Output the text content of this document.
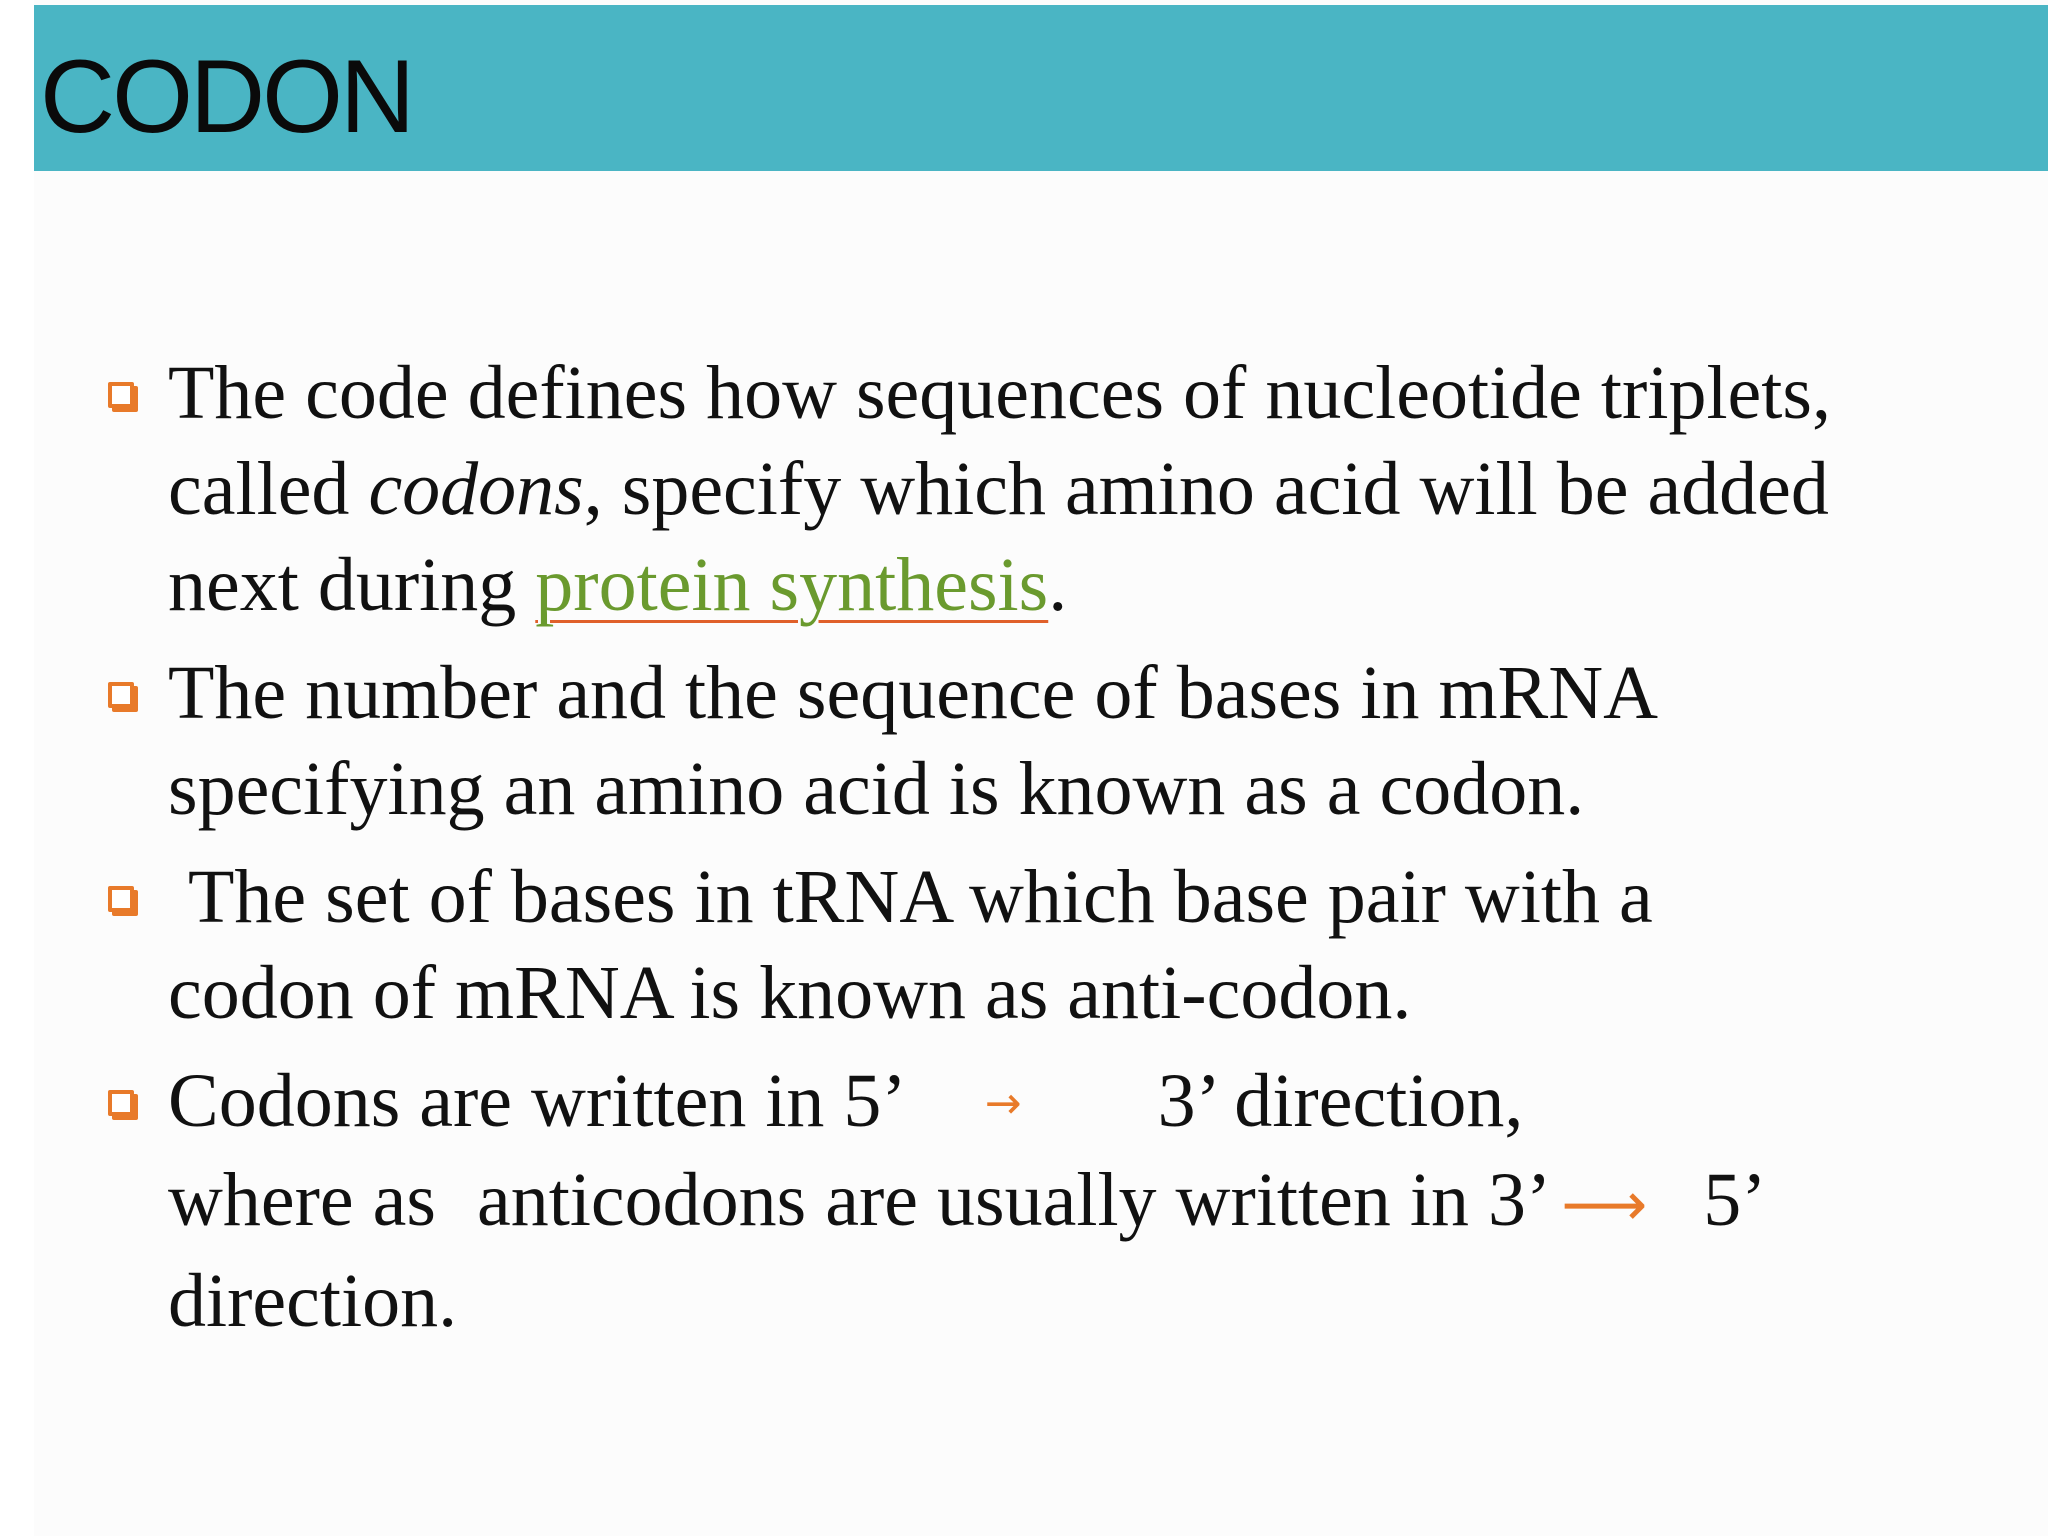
CODON
The code defines how sequences of nucleotide triplets,
called codons, specify which amino acid will be added
next during protein synthesis.
The number and the sequence of bases in mRNA
specifying an amino acid is known as a codon.
The set of bases in tRNA which base pair with a
codon of mRNA is known as anti-codon.
Codons are written in 5’ → 3’ direction,
where as anticodons are usually written in 3’ ⟶ 5’
direction.
